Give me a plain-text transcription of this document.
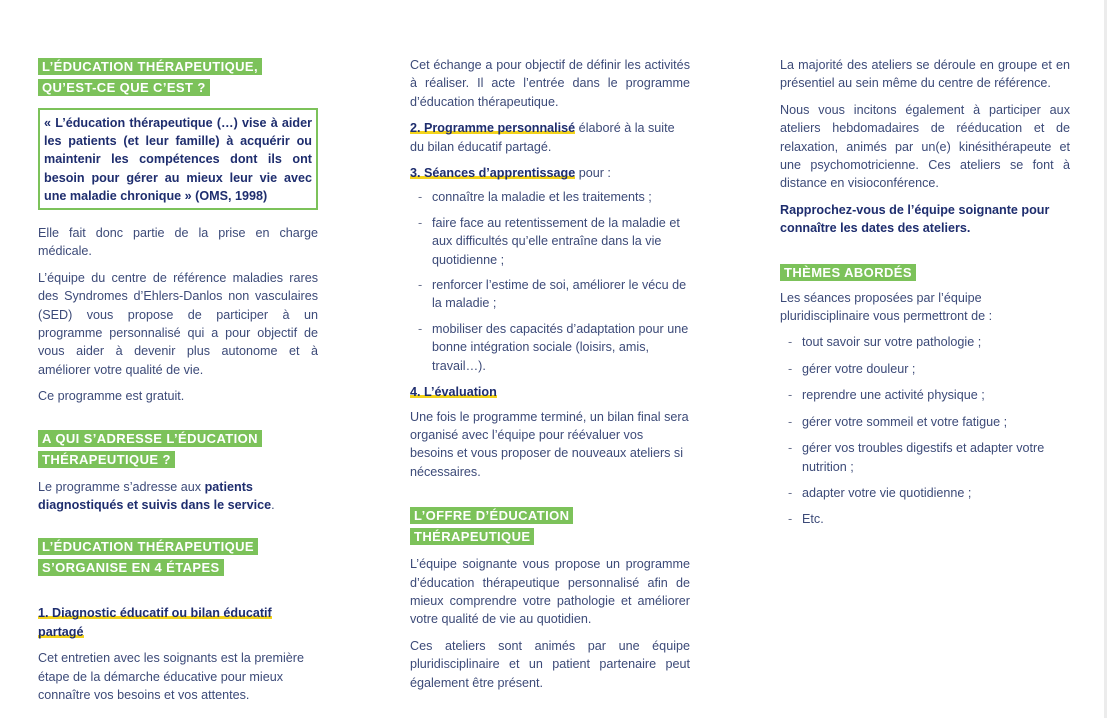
L’ÉDUCATION THÉRAPEUTIQUE,
QU’EST-CE QUE C’EST ?
« L’éducation thérapeutique (…) vise à aider les patients (et leur famille) à acquérir ou maintenir les compétences dont ils ont besoin pour gérer au mieux leur vie avec une maladie chronique » (OMS, 1998)

Elle fait donc partie de la prise en charge médicale.

L’équipe du centre de référence maladies rares des Syndromes d’Ehlers-Danlos non vasculaires (SED) vous propose de participer à un programme personnalisé qui a pour objectif de vous aider à devenir plus autonome et à améliorer votre qualité de vie.

Ce programme est gratuit.

A QUI S’ADRESSE L’ÉDUCATION
THÉRAPEUTIQUE ?

Le programme s’adresse aux patients diagnostiqués et suivis dans le service.

L’ÉDUCATION THÉRAPEUTIQUE
S’ORGANISE EN 4 ÉTAPES

1. Diagnostic éducatif ou bilan éducatif partagé

Cet entretien avec les soignants est la première étape de la démarche éducative pour mieux connaître vos besoins et vos attentes.

Cet échange a pour objectif de définir les activités à réaliser. Il acte l’entrée dans le programme d’éducation thérapeutique.

2. Programme personnalisé élaboré à la suite du bilan éducatif partagé.

3. Séances d’apprentissage pour :

- connaître la maladie et les traitements ;
- faire face au retentissement de la maladie et aux difficultés qu’elle entraîne dans la vie quotidienne ;
- renforcer l’estime de soi, améliorer le vécu de la maladie ;
- mobiliser des capacités d’adaptation pour une bonne intégration sociale (loisirs, amis, travail…).

4. L’évaluation

Une fois le programme terminé, un bilan final sera organisé avec l’équipe pour réévaluer vos besoins et vous proposer de nouveaux ateliers si nécessaires.

L’OFFRE D’ÉDUCATION
THÉRAPEUTIQUE

L’équipe soignante vous propose un programme d’éducation thérapeutique personnalisé afin de mieux comprendre votre pathologie et améliorer votre qualité de vie au quotidien.

Ces ateliers sont animés par une équipe pluridisciplinaire et un patient partenaire peut également être présent.

La majorité des ateliers se déroule en groupe et en présentiel au sein même du centre de référence.

Nous vous incitons également à participer aux ateliers hebdomadaires de rééducation et de relaxation, animés par un(e) kinésithérapeute et une psychomotricienne. Ces ateliers se font à distance en visioconférence.

Rapprochez-vous de l’équipe soignante pour connaître les dates des ateliers.

THÈMES ABORDÉS

Les séances proposées par l’équipe pluridisciplinaire vous permettront de :

- tout savoir sur votre pathologie ;
- gérer votre douleur ;
- reprendre une activité physique ;
- gérer votre sommeil et votre fatigue ;
- gérer vos troubles digestifs et adapter votre nutrition ;
- adapter votre vie quotidienne ;
- Etc.
